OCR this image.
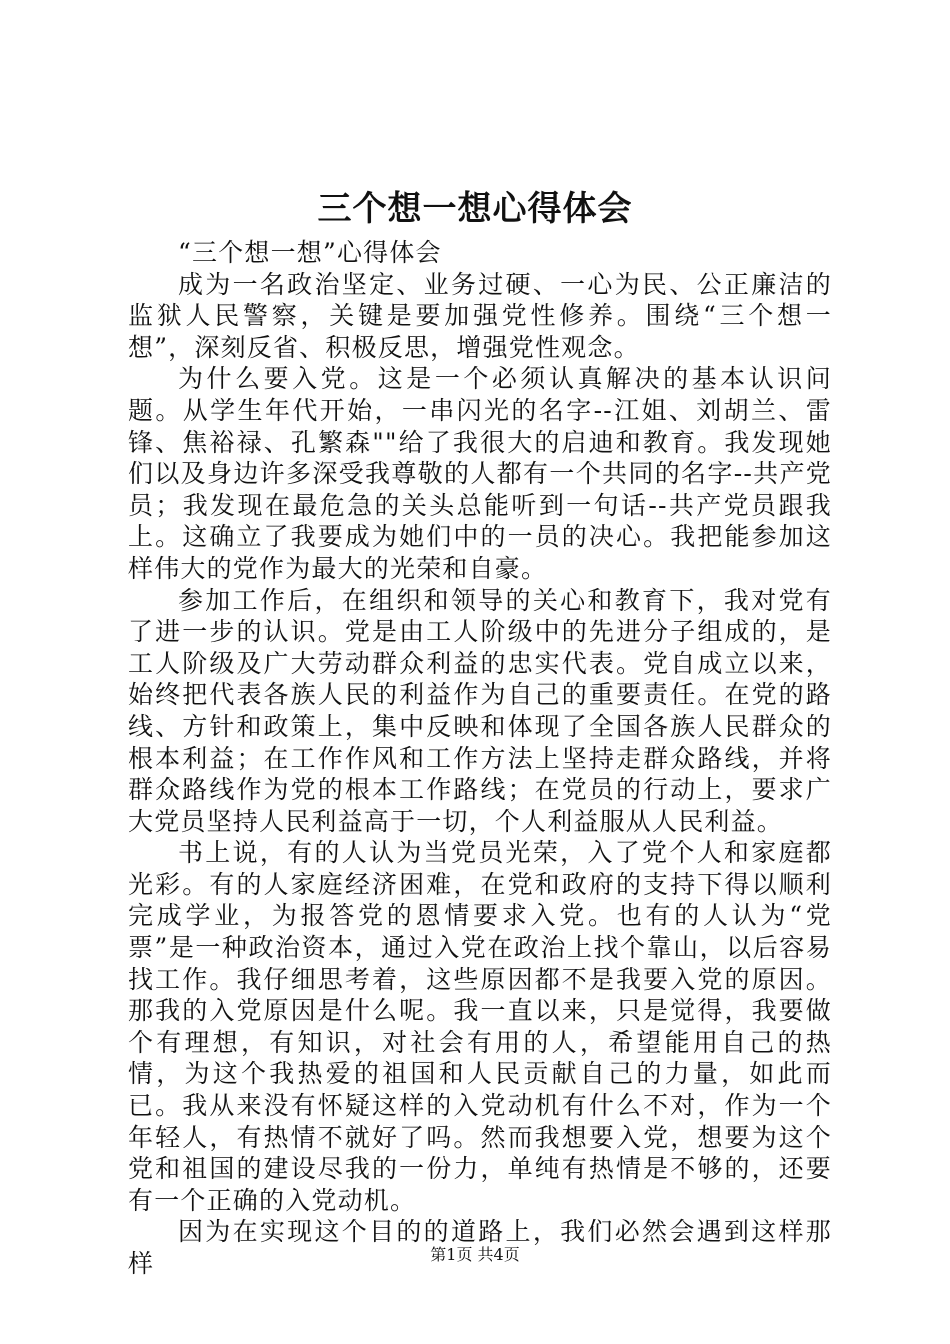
三个想一想心得体会

“三个想一想”心得体会

成为一名政治坚定、业务过硬、一心为民、公正廉洁的监狱人民警察，关键是要加强党性修养。围绕“三个想一想”，深刻反省、积极反思，增强党性观念。

为什么要入党。这是一个必须认真解决的基本认识问题。从学生年代开始，一串闪光的名字--江姐、刘胡兰、雷锋、焦裕禄、孔繁森""给了我很大的启迪和教育。我发现她们以及身边许多深受我尊敬的人都有一个共同的名字--共产党员；我发现在最危急的关头总能听到一句话--共产党员跟我上。这确立了我要成为她们中的一员的决心。我把能参加这样伟大的党作为最大的光荣和自豪。

参加工作后，在组织和领导的关心和教育下，我对党有了进一步的认识。党是由工人阶级中的先进分子组成的，是工人阶级及广大劳动群众利益的忠实代表。党自成立以来，始终把代表各族人民的利益作为自己的重要责任。在党的路线、方针和政策上，集中反映和体现了全国各族人民群众的根本利益；在工作作风和工作方法上坚持走群众路线，并将群众路线作为党的根本工作路线；在党员的行动上，要求广大党员坚持人民利益高于一切，个人利益服从人民利益。

书上说，有的人认为当党员光荣，入了党个人和家庭都光彩。有的人家庭经济困难，在党和政府的支持下得以顺利完成学业，为报答党的恩情要求入党。也有的人认为“党票”是一种政治资本，通过入党在政治上找个靠山，以后容易找工作。我仔细思考着，这些原因都不是我要入党的原因。那我的入党原因是什么呢。我一直以来，只是觉得，我要做个有理想，有知识，对社会有用的人，希望能用自己的热情，为这个我热爱的祖国和人民贡献自己的力量，如此而已。我从来没有怀疑这样的入党动机有什么不对，作为一个年轻人，有热情不就好了吗。然而我想要入党，想要为这个党和祖国的建设尽我的一份力，单纯有热情是不够的，还要有一个正确的入党动机。

因为在实现这个目的的道路上，我们必然会遇到这样那样	第1页 共4页
